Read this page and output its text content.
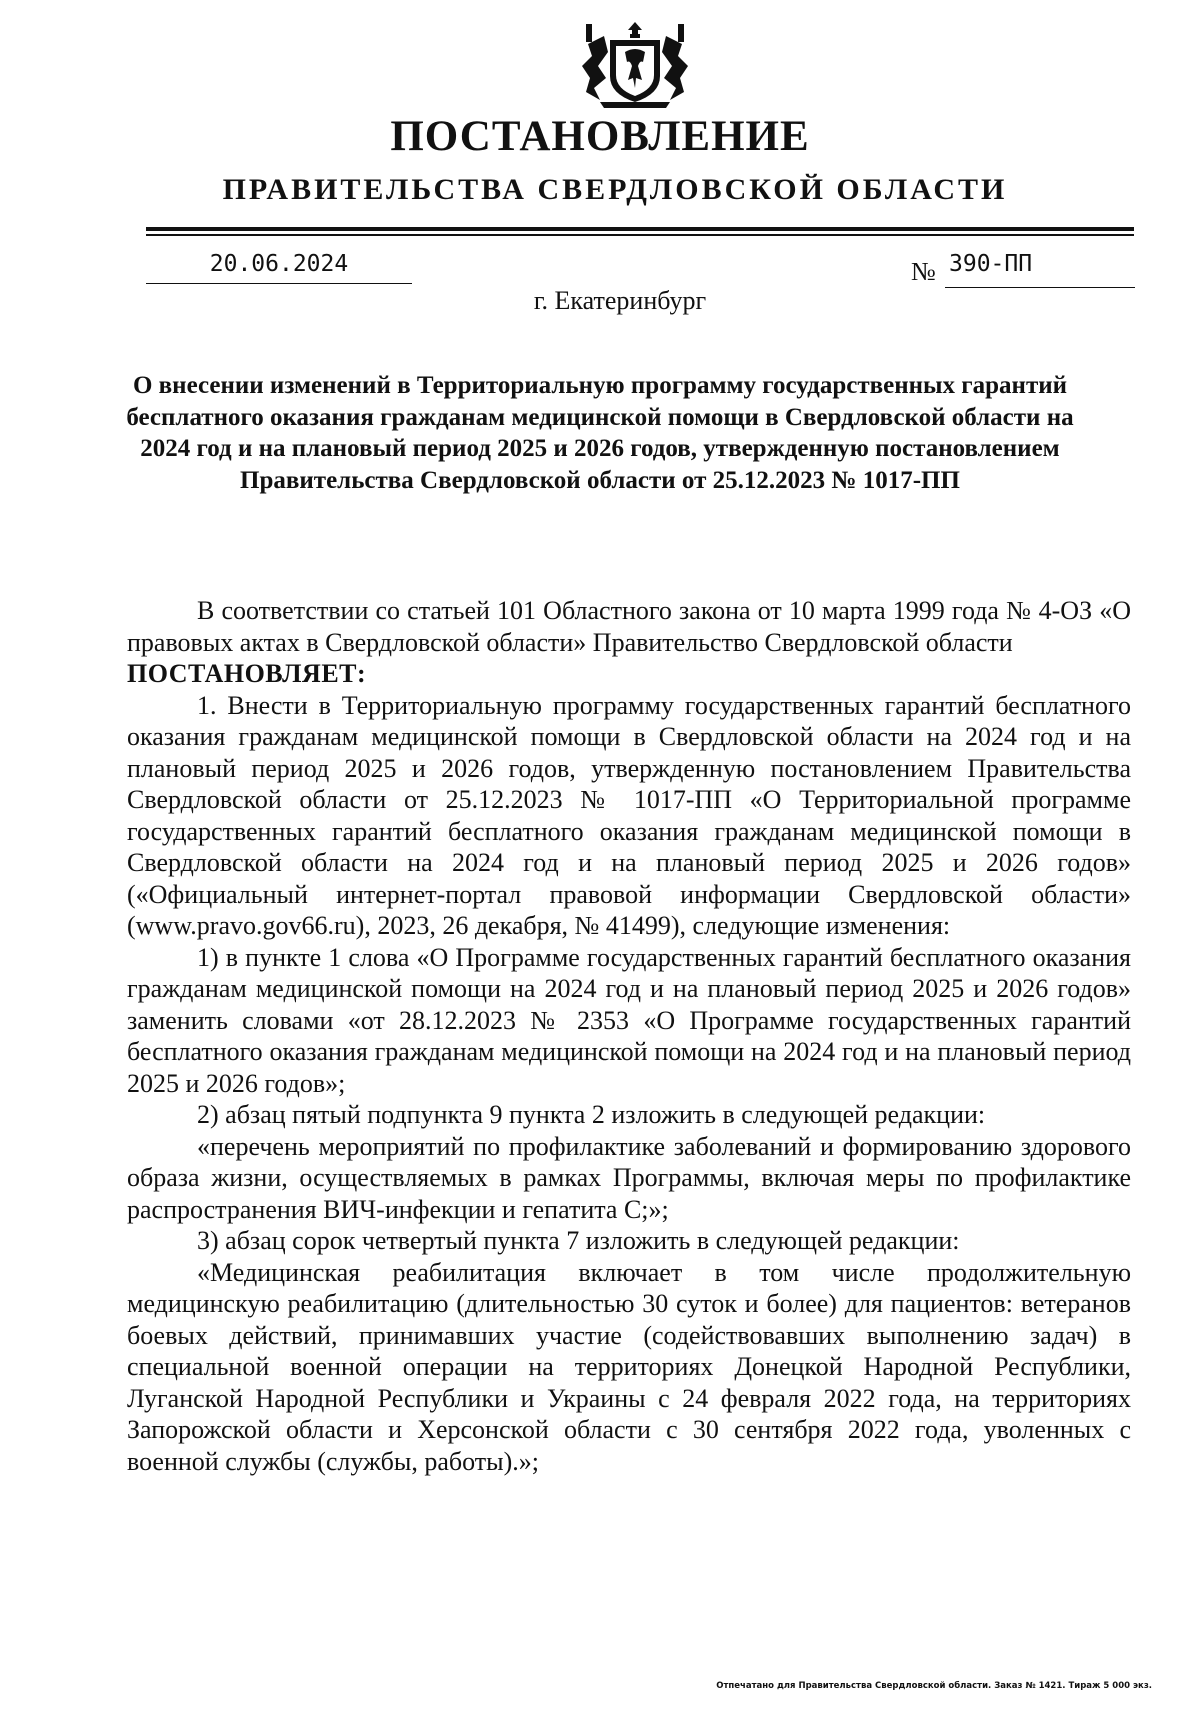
ПОСТАНОВЛЕНИЕ
ПРАВИТЕЛЬСТВА СВЕРДЛОВСКОЙ ОБЛАСТИ
20.06.2024	№ 390-ПП
г. Екатеринбург
О внесении изменений в Территориальную программу государственных гарантий бесплатного оказания гражданам медицинской помощи в Свердловской области на 2024 год и на плановый период 2025 и 2026 годов, утвержденную постановлением Правительства Свердловской области от 25.12.2023 № 1017-ПП

В соответствии со статьей 101 Областного закона от 10 марта 1999 года № 4-ОЗ «О правовых актах в Свердловской области» Правительство Свердловской области

ПОСТАНОВЛЯЕТ:

1. Внести в Территориальную программу государственных гарантий бесплатного оказания гражданам медицинской помощи в Свердловской области на 2024 год и на плановый период 2025 и 2026 годов, утвержденную постановлением Правительства Свердловской области от 25.12.2023 № 1017-ПП «О Территориальной программе государственных гарантий бесплатного оказания гражданам медицинской помощи в Свердловской области на 2024 год и на плановый период 2025 и 2026 годов» («Официальный интернет-портал правовой информации Свердловской области» (www.pravo.gov66.ru), 2023, 26 декабря, № 41499), следующие изменения:

1) в пункте 1 слова «О Программе государственных гарантий бесплатного оказания гражданам медицинской помощи на 2024 год и на плановый период 2025 и 2026 годов» заменить словами «от 28.12.2023 № 2353 «О Программе государственных гарантий бесплатного оказания гражданам медицинской помощи на 2024 год и на плановый период 2025 и 2026 годов»;

2) абзац пятый подпункта 9 пункта 2 изложить в следующей редакции:

«перечень мероприятий по профилактике заболеваний и формированию здорового образа жизни, осуществляемых в рамках Программы, включая меры по профилактике распространения ВИЧ-инфекции и гепатита С;»;

3) абзац сорок четвертый пункта 7 изложить в следующей редакции:

«Медицинская реабилитация включает в том числе продолжительную медицинскую реабилитацию (длительностью 30 суток и более) для пациентов: ветеранов боевых действий, принимавших участие (содействовавших выполнению задач) в специальной военной операции на территориях Донецкой Народной Республики, Луганской Народной Республики и Украины с 24 февраля 2022 года, на территориях Запорожской области и Херсонской области с 30 сентября 2022 года, уволенных с военной службы (службы, работы).»;

Отпечатано для Правительства Свердловской области. Заказ № 1421. Тираж 5 000 экз.
